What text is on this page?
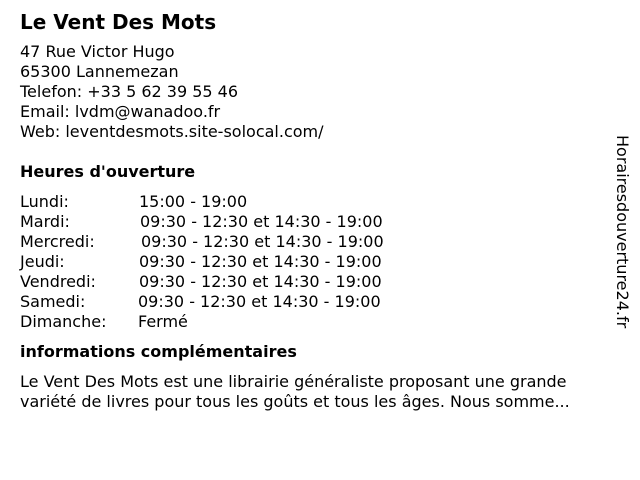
Le Vent Des Mots
47 Rue Victor Hugo
65300 Lannemezan
Telefon: +33 5 62 39 55 46
Email: lvdm@wanadoo.fr
Web: leventdesmots.site-solocal.com/
Heures d'ouverture
Lundi:	15:00 - 19:00
Mardi:	09:30 - 12:30 et 14:30 - 19:00
Mercredi:	09:30 - 12:30 et 14:30 - 19:00
Jeudi:	09:30 - 12:30 et 14:30 - 19:00
Vendredi:	09:30 - 12:30 et 14:30 - 19:00
Samedi:	09:30 - 12:30 et 14:30 - 19:00
Dimanche: Fermé
informations complémentaires
Le Vent Des Mots est une librairie généraliste proposant une grande
variété de livres pour tous les goûts et tous les âges. Nous somme...
Horairesdouverture24.fr
